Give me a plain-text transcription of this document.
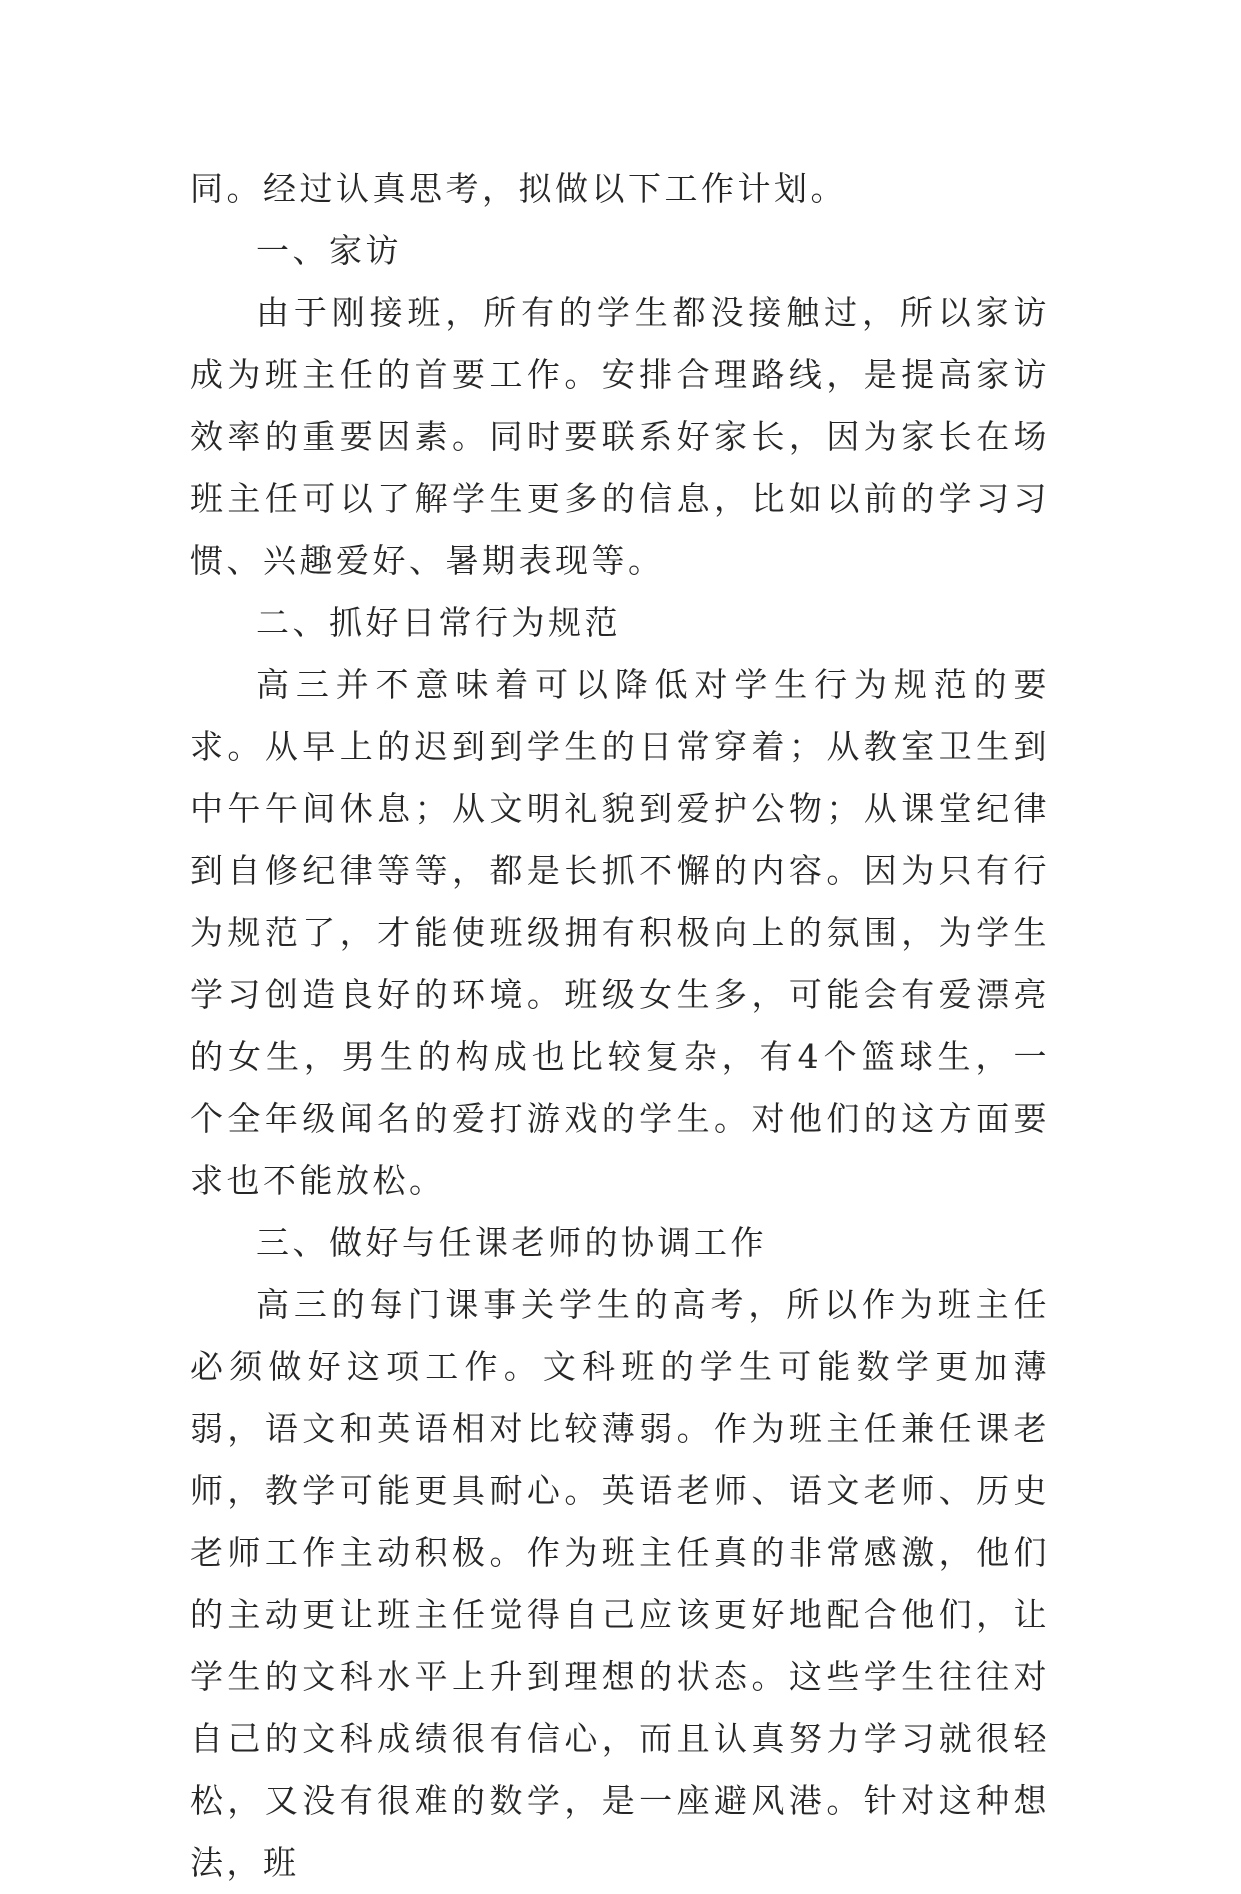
同。经过认真思考，拟做以下工作计划。

一、家访

由于刚接班，所有的学生都没接触过，所以家访成为班主任的首要工作。安排合理路线，是提高家访效率的重要因素。同时要联系好家长，因为家长在场班主任可以了解学生更多的信息，比如以前的学习习惯、兴趣爱好、暑期表现等。

二、抓好日常行为规范

高三并不意味着可以降低对学生行为规范的要求。从早上的迟到到学生的日常穿着；从教室卫生到中午午间休息；从文明礼貌到爱护公物；从课堂纪律到自修纪律等等，都是长抓不懈的内容。因为只有行为规范了，才能使班级拥有积极向上的氛围，为学生学习创造良好的环境。班级女生多，可能会有爱漂亮的女生，男生的构成也比较复杂，有4个篮球生，一个全年级闻名的爱打游戏的学生。对他们的这方面要求也不能放松。

三、做好与任课老师的协调工作

高三的每门课事关学生的高考，所以作为班主任必须做好这项工作。文科班的学生可能数学更加薄弱，语文和英语相对比较薄弱。作为班主任兼任课老师，教学可能更具耐心。英语老师、语文老师、历史老师工作主动积极。作为班主任真的非常感激，他们的主动更让班主任觉得自己应该更好地配合他们，让学生的文科水平上升到理想的状态。这些学生往往对自己的文科成绩很有信心，而且认真努力学习就很轻松，又没有很难的数学，是一座避风港。针对这种想法，班
